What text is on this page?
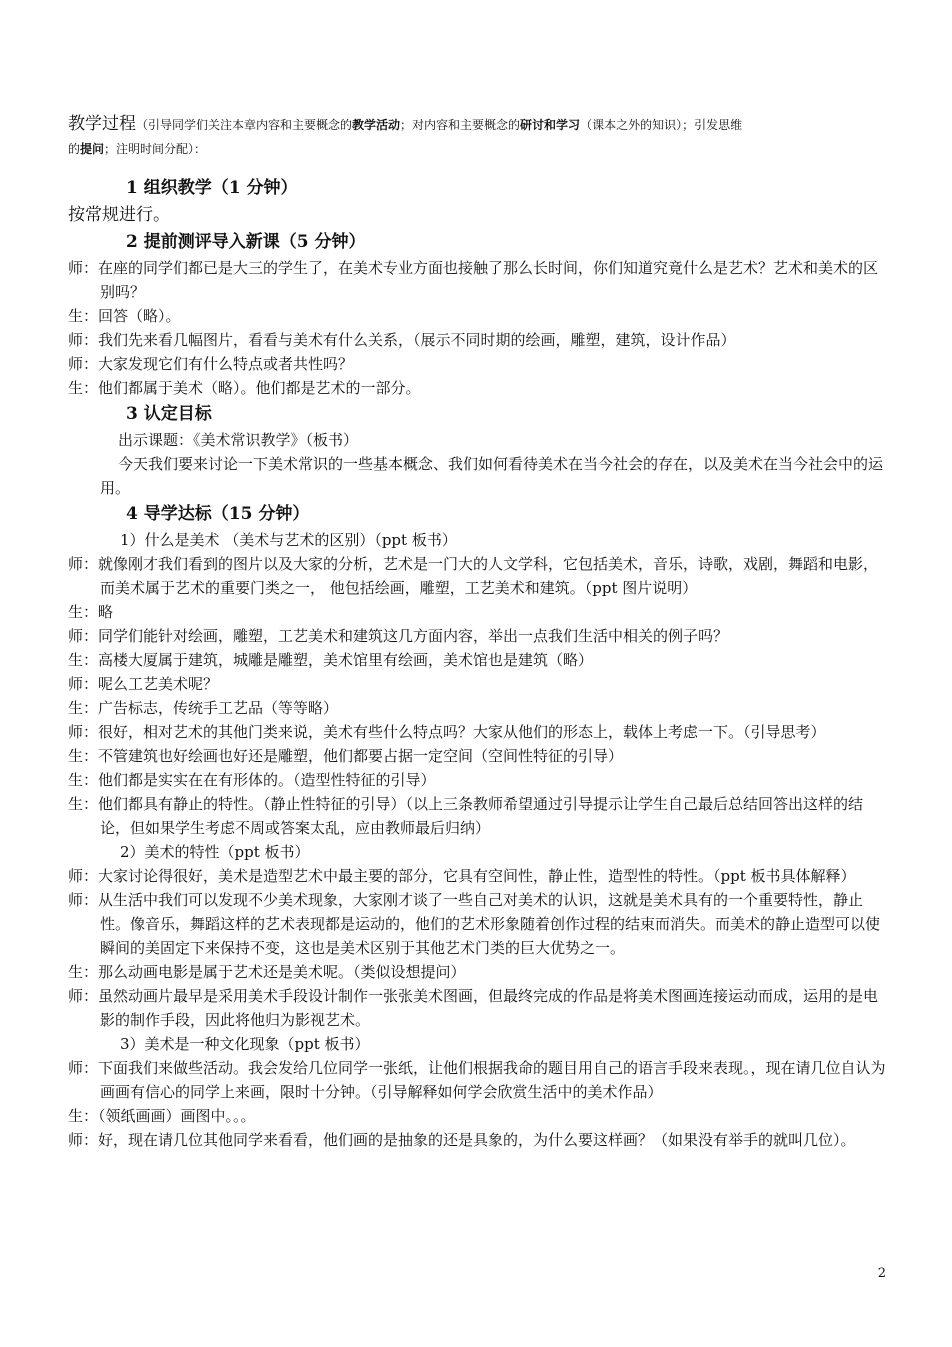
教学过程（引导同学们关注本章内容和主要概念的教学活动；对内容和主要概念的研讨和学习（课本之外的知识）；引发思维
的提问；注明时间分配）：
1 组织教学（1 分钟）
按常规进行。
2 提前测评导入新课（5 分钟）
师：在座的同学们都已是大三的学生了，在美术专业方面也接触了那么长时间，你们知道究竟什么是艺术？艺术和美术的区别吗？
生：回答（略）。
师：我们先来看几幅图片，看看与美术有什么关系，（展示不同时期的绘画，雕塑，建筑，设计作品）
师：大家发现它们有什么特点或者共性吗？
生：他们都属于美术（略）。他们都是艺术的一部分。
3 认定目标
出示课题：《美术常识教学》（板书）
今天我们要来讨论一下美术常识的一些基本概念、我们如何看待美术在当今社会的存在，以及美术在当今社会中的运用。
4 导学达标（15 分钟）
1）什么是美术 （美术与艺术的区别）（ppt 板书）
师：就像刚才我们看到的图片以及大家的分析，艺术是一门大的人文学科，它包括美术，音乐，诗歌，戏剧，舞蹈和电影，而美术属于艺术的重要门类之一， 他包括绘画，雕塑，工艺美术和建筑。（ppt 图片说明）
生：略
师：同学们能针对绘画，雕塑，工艺美术和建筑这几方面内容，举出一点我们生活中相关的例子吗？
生：高楼大厦属于建筑，城雕是雕塑，美术馆里有绘画，美术馆也是建筑（略）
师：呢么工艺美术呢？
生：广告标志，传统手工艺品（等等略）
师：很好，相对艺术的其他门类来说，美术有些什么特点吗？大家从他们的形态上，载体上考虑一下。（引导思考）
生：不管建筑也好绘画也好还是雕塑，他们都要占据一定空间（空间性特征的引导）
生：他们都是实实在在有形体的。（造型性特征的引导）
生：他们都具有静止的特性。（静止性特征的引导）（以上三条教师希望通过引导提示让学生自己最后总结回答出这样的结论，但如果学生考虑不周或答案太乱，应由教师最后归纳）
2）美术的特性（ppt 板书）
师：大家讨论得很好，美术是造型艺术中最主要的部分，它具有空间性，静止性，造型性的特性。（ppt 板书具体解释）
师：从生活中我们可以发现不少美术现象，大家刚才谈了一些自己对美术的认识，这就是美术具有的一个重要特性，静止性。像音乐，舞蹈这样的艺术表现都是运动的，他们的艺术形象随着创作过程的结束而消失。而美术的静止造型可以使瞬间的美固定下来保持不变，这也是美术区别于其他艺术门类的巨大优势之一。
生：那么动画电影是属于艺术还是美术呢。（类似设想提问）
师：虽然动画片最早是采用美术手段设计制作一张张美术图画，但最终完成的作品是将美术图画连接运动而成，运用的是电影的制作手段，因此将他归为影视艺术。
3）美术是一种文化现象（ppt 板书）
师：下面我们来做些活动。我会发给几位同学一张纸，让他们根据我命的题目用自己的语言手段来表现。，现在请几位自认为画画有信心的同学上来画，限时十分钟。（引导解释如何学会欣赏生活中的美术作品）
生：（领纸画画）画图中。。。
师：好，现在请几位其他同学来看看，他们画的是抽象的还是具象的，为什么要这样画？（如果没有举手的就叫几位）。
2
